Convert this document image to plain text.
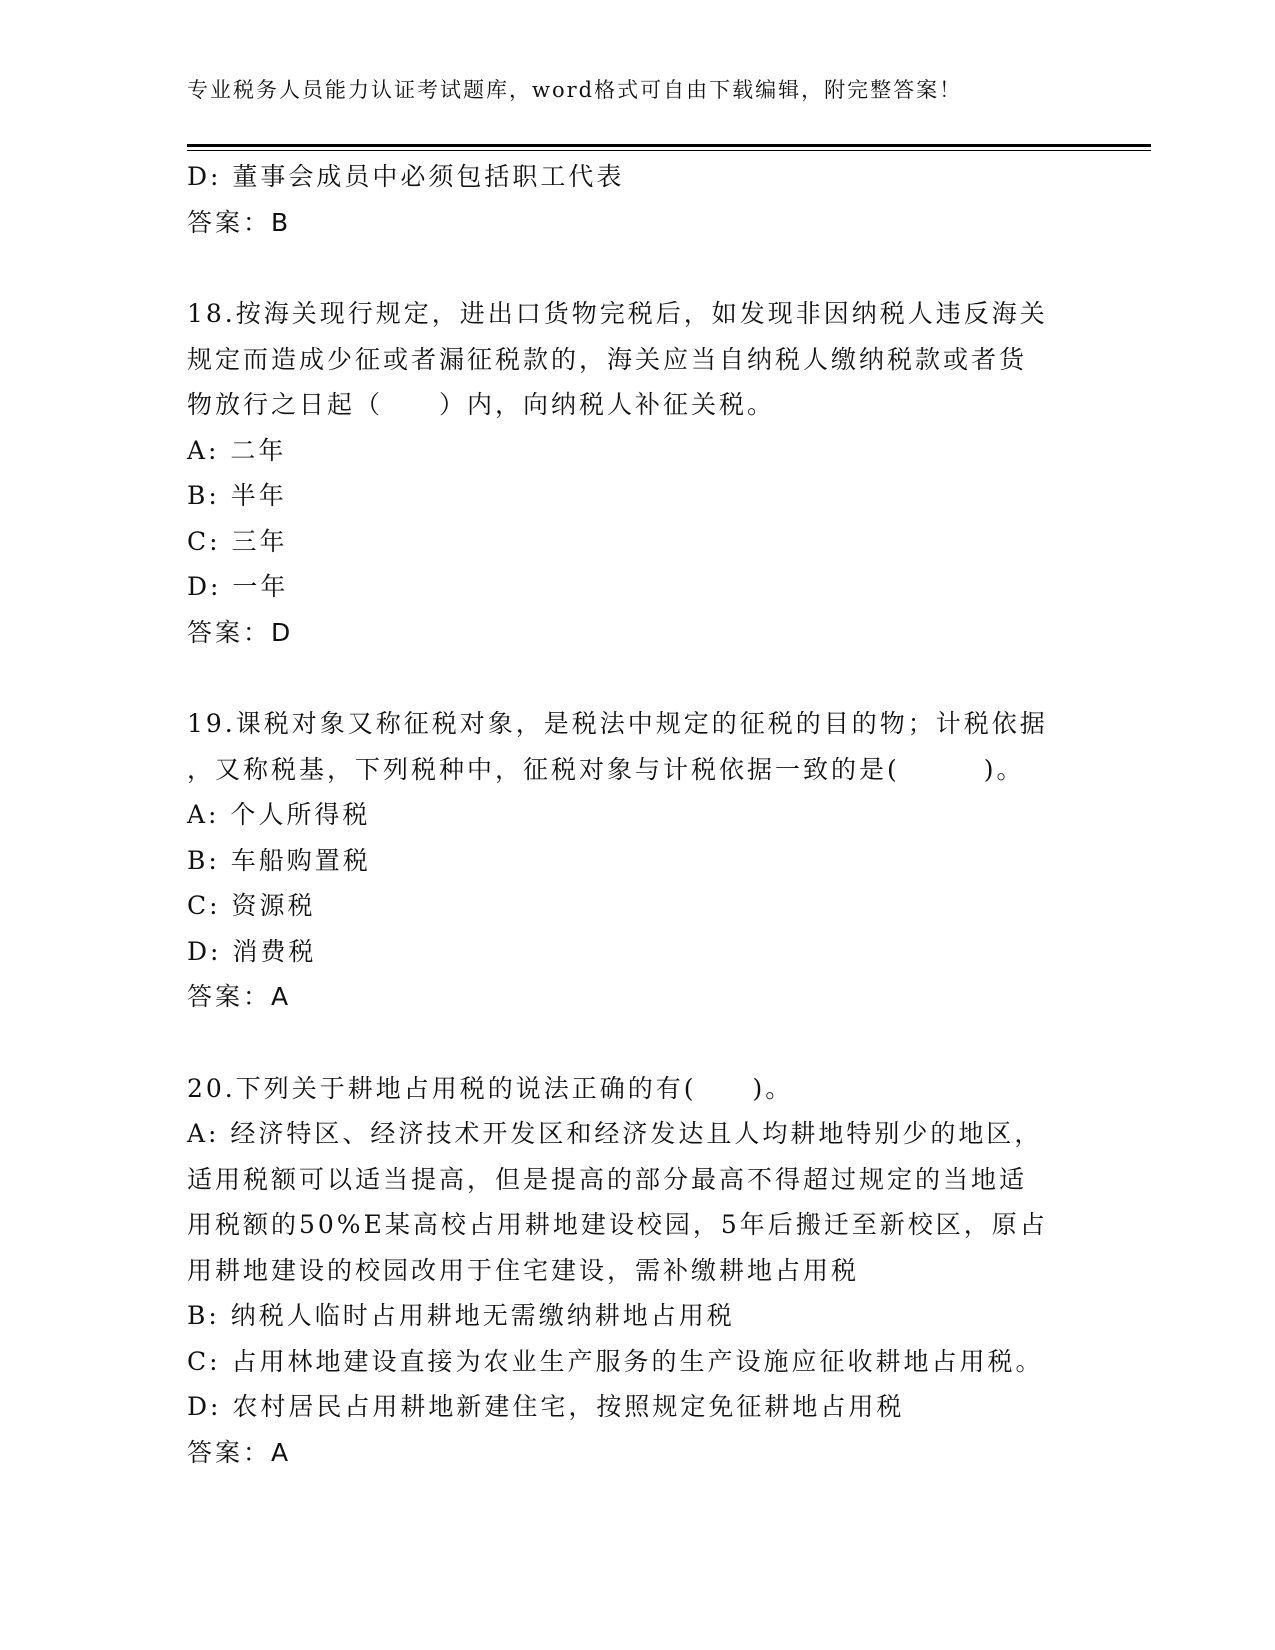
专业税务人员能力认证考试题库，word格式可自由下载编辑，附完整答案！
D: 董事会成员中必须包括职工代表
答案：B
18.按海关现行规定，进出口货物完税后，如发现非因纳税人违反海关
规定而造成少征或者漏征税款的，海关应当自纳税人缴纳税款或者货
物放行之日起（　　）内，向纳税人补征关税。
A: 二年
B: 半年
C: 三年
D: 一年
答案：D
19.课税对象又称征税对象，是税法中规定的征税的目的物；计税依据
，又称税基，下列税种中，征税对象与计税依据一致的是(　　　)。
A: 个人所得税
B: 车船购置税
C: 资源税
D: 消费税
答案：A
20.下列关于耕地占用税的说法正确的有(　　)。
A: 经济特区、经济技术开发区和经济发达且人均耕地特别少的地区，
适用税额可以适当提高，但是提高的部分最高不得超过规定的当地适
用税额的50%E某高校占用耕地建设校园，5年后搬迁至新校区，原占
用耕地建设的校园改用于住宅建设，需补缴耕地占用税
B: 纳税人临时占用耕地无需缴纳耕地占用税
C: 占用林地建设直接为农业生产服务的生产设施应征收耕地占用税。
D: 农村居民占用耕地新建住宅，按照规定免征耕地占用税
答案：A
